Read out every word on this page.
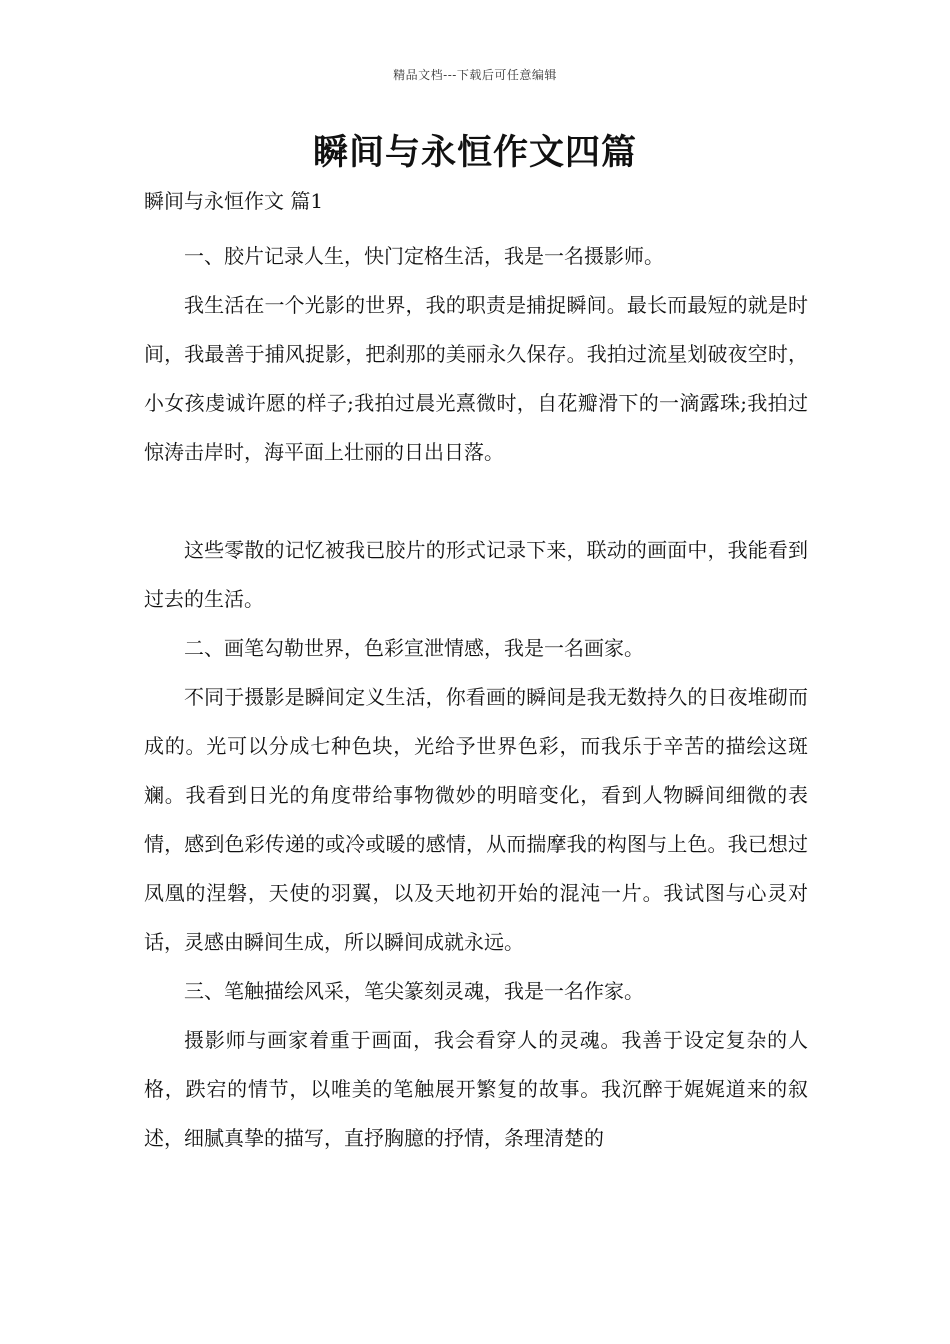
精品文档---下载后可任意编辑
瞬间与永恒作文四篇
瞬间与永恒作文 篇1

一、胶片记录人生，快门定格生活，我是一名摄影师。

我生活在一个光影的世界，我的职责是捕捉瞬间。最长而最短的就是时间，我最善于捕风捉影，把刹那的美丽永久保存。我拍过流星划破夜空时，小女孩虔诚许愿的样子;我拍过晨光熹微时，自花瓣滑下的一滴露珠;我拍过惊涛击岸时，海平面上壮丽的日出日落。

这些零散的记忆被我已胶片的形式记录下来，联动的画面中，我能看到过去的生活。

二、画笔勾勒世界，色彩宣泄情感，我是一名画家。

不同于摄影是瞬间定义生活，你看画的瞬间是我无数持久的日夜堆砌而成的。光可以分成七种色块，光给予世界色彩，而我乐于辛苦的描绘这斑斓。我看到日光的角度带给事物微妙的明暗变化，看到人物瞬间细微的表情，感到色彩传递的或冷或暖的感情，从而揣摩我的构图与上色。我已想过凤凰的涅磐，天使的羽翼，以及天地初开始的混沌一片。我试图与心灵对话，灵感由瞬间生成，所以瞬间成就永远。

三、笔触描绘风采，笔尖篆刻灵魂，我是一名作家。

摄影师与画家着重于画面，我会看穿人的灵魂。我善于设定复杂的人格，跌宕的情节，以唯美的笔触展开繁复的故事。我沉醉于娓娓道来的叙述，细腻真挚的描写，直抒胸臆的抒情，条理清楚的
